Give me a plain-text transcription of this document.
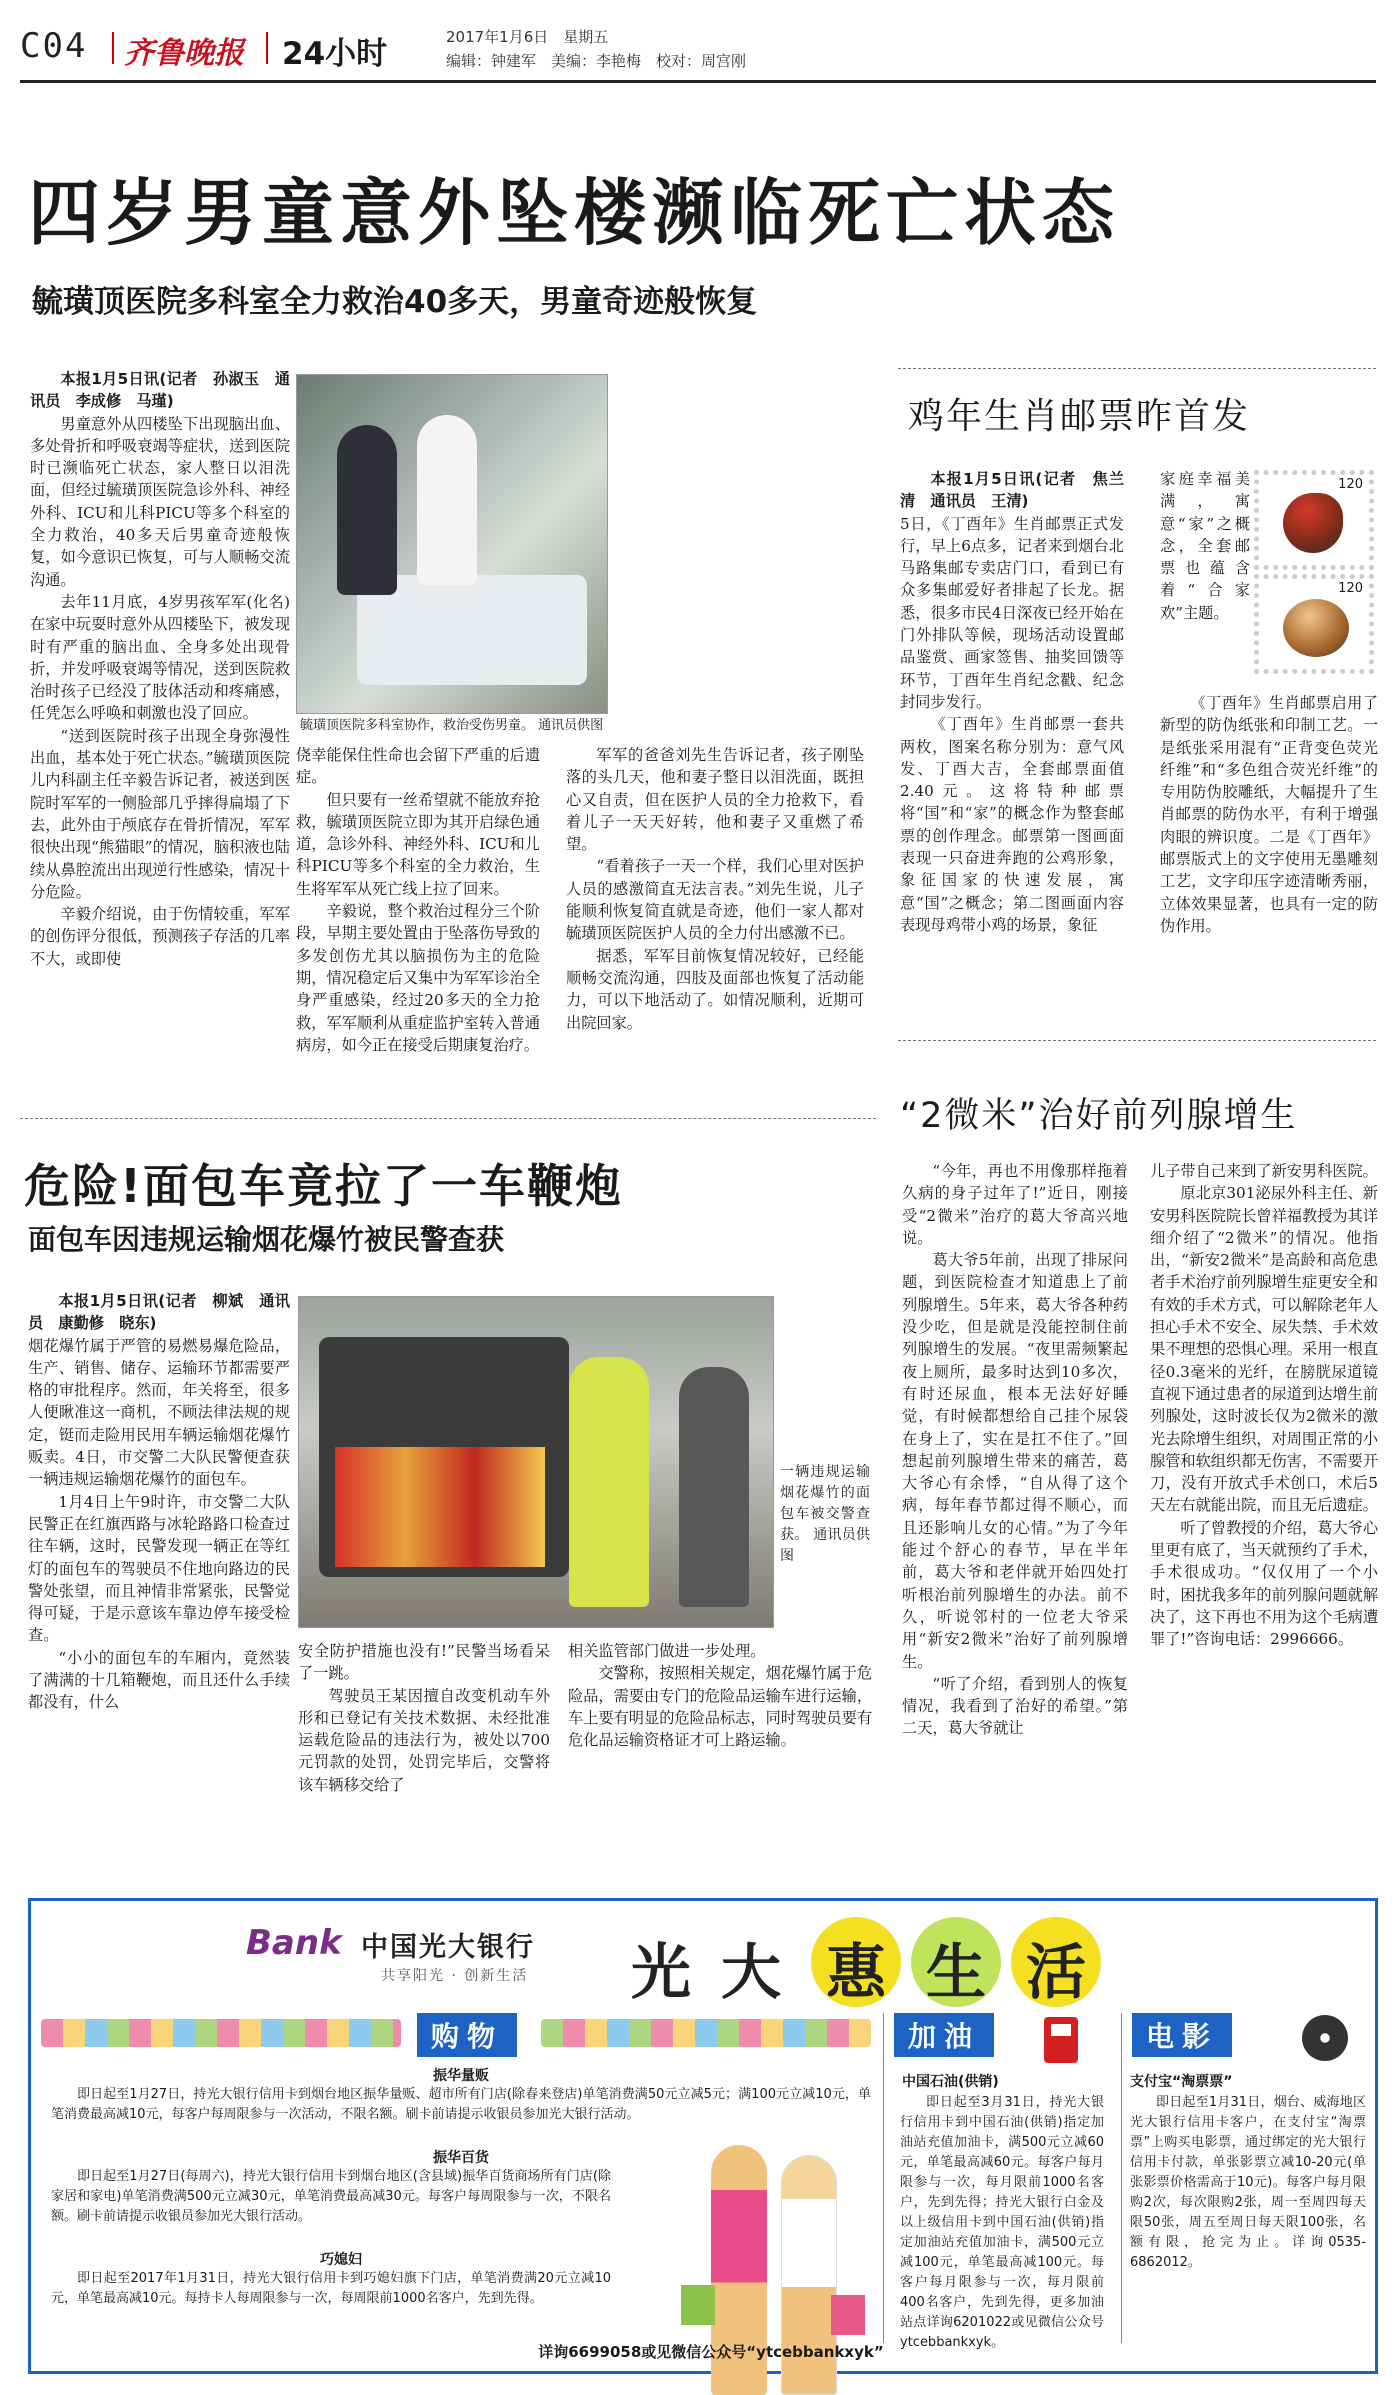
C04 齐鲁晚报 24小时	2017年1月6日　星期五
编辑：钟建军　美编：李艳梅　校对：周宫刚
四岁男童意外坠楼濒临死亡状态
毓璜顶医院多科室全力救治40多天，男童奇迹般恢复

本报1月5日讯(记者　孙淑玉　通讯员　李成修　马瑾)

男童意外从四楼坠下出现脑出血、多处骨折和呼吸衰竭等症状，送到医院时已濒临死亡状态，家人整日以泪洗面，但经过毓璜顶医院急诊外科、神经外科、ICU和儿科PICU等多个科室的全力救治，40多天后男童奇迹般恢复，如今意识已恢复，可与人顺畅交流沟通。

去年11月底，4岁男孩军军(化名)在家中玩耍时意外从四楼坠下，被发现时有严重的脑出血、全身多处出现骨折，并发呼吸衰竭等情况，送到医院救治时孩子已经没了肢体活动和疼痛感，任凭怎么呼唤和刺激也没了回应。

“送到医院时孩子出现全身弥漫性出血，基本处于死亡状态。”毓璜顶医院儿内科副主任辛毅告诉记者，被送到医院时军军的一侧脸部几乎摔得扁塌了下去，此外由于颅底存在骨折情况，军军很快出现“熊猫眼”的情况，脑积液也陆续从鼻腔流出出现逆行性感染，情况十分危险。

辛毅介绍说，由于伤情较重，军军的创伤评分很低，预测孩子存活的几率不大，或即使

毓璜顶医院多科室协作，救治受伤男童。 通讯员供图

侥幸能保住性命也会留下严重的后遗症。

但只要有一丝希望就不能放弃抢救，毓璜顶医院立即为其开启绿色通道，急诊外科、神经外科、ICU和儿科PICU等多个科室的全力救治，生生将军军从死亡线上拉了回来。

辛毅说，整个救治过程分三个阶段，早期主要处置由于坠落伤导致的多发创伤尤其以脑损伤为主的危险期，情况稳定后又集中为军军诊治全身严重感染，经过20多天的全力抢救，军军顺利从重症监护室转入普通病房，如今正在接受后期康复治疗。

军军的爸爸刘先生告诉记者，孩子刚坠落的头几天，他和妻子整日以泪洗面，既担心又自责，但在医护人员的全力抢救下，看着儿子一天天好转，他和妻子又重燃了希望。

“看着孩子一天一个样，我们心里对医护人员的感激简直无法言表。”刘先生说，儿子能顺利恢复简直就是奇迹，他们一家人都对毓璜顶医院医护人员的全力付出感激不已。

据悉，军军目前恢复情况较好，已经能顺畅交流沟通，四肢及面部也恢复了活动能力，可以下地活动了。如情况顺利，近期可出院回家。

鸡年生肖邮票昨首发

本报1月5日讯(记者　焦兰清　通讯员　王清)

5日，《丁酉年》生肖邮票正式发行，早上6点多，记者来到烟台北马路集邮专卖店门口，看到已有众多集邮爱好者排起了长龙。据悉，很多市民4日深夜已经开始在门外排队等候，现场活动设置邮品鉴赏、画家签售、抽奖回馈等环节，丁酉年生肖纪念戳、纪念封同步发行。

《丁酉年》生肖邮票一套共两枚，图案名称分别为：意气风发、丁酉大吉，全套邮票面值2.40元。这将特种邮票将“国”和“家”的概念作为整套邮票的创作理念。邮票第一图画面表现一只奋进奔跑的公鸡形象，象征国家的快速发展，寓意“国”之概念；第二图画面内容表现母鸡带小鸡的场景，象征

家庭幸福美满，寓意“家”之概念，全套邮票也蕴含着“合家欢”主题。

120
120

《丁酉年》生肖邮票启用了新型的防伪纸张和印制工艺。一是纸张采用混有“正背变色荧光纤维”和“多色组合荧光纤维”的专用防伪胶雕纸，大幅提升了生肖邮票的防伪水平，有利于增强肉眼的辨识度。二是《丁酉年》邮票版式上的文字使用无墨雕刻工艺，文字印压字迹清晰秀丽，立体效果显著，也具有一定的防伪作用。

“2微米”治好前列腺增生

“今年，再也不用像那样拖着久病的身子过年了!”近日，刚接受“2微米”治疗的葛大爷高兴地说。

葛大爷5年前，出现了排尿问题，到医院检查才知道患上了前列腺增生。5年来，葛大爷各种药没少吃，但是就是没能控制住前列腺增生的发展。“夜里需频繁起夜上厕所，最多时达到10多次，有时还尿血，根本无法好好睡觉，有时候都想给自己挂个尿袋在身上了，实在是扛不住了。”回想起前列腺增生带来的痛苦，葛大爷心有余悸，“自从得了这个病，每年春节都过得不顺心，而且还影响儿女的心情。”为了今年能过个舒心的春节，早在半年前，葛大爷和老伴就开始四处打听根治前列腺增生的办法。前不久，听说邻村的一位老大爷采用“新安2微米”治好了前列腺增生。

“听了介绍，看到别人的恢复情况，我看到了治好的希望。”第二天，葛大爷就让

儿子带自己来到了新安男科医院。

原北京301泌尿外科主任、新安男科医院院长曾祥福教授为其详细介绍了“2微米”的情况。他指出，“新安2微米”是高龄和高危患者手术治疗前列腺增生症更安全和有效的手术方式，可以解除老年人担心手术不安全、尿失禁、手术效果不理想的恐惧心理。采用一根直径0.3毫米的光纤，在膀胱尿道镜直视下通过患者的尿道到达增生前列腺处，这时波长仅为2微米的激光去除增生组织，对周围正常的小腺管和软组织都无伤害，不需要开刀，没有开放式手术创口，术后5天左右就能出院，而且无后遗症。

听了曾教授的介绍，葛大爷心里更有底了，当天就预约了手术，手术很成功。“仅仅用了一个小时，困扰我多年的前列腺问题就解决了，这下再也不用为这个毛病遭罪了!”咨询电话：2996666。

危险!面包车竟拉了一车鞭炮
面包车因违规运输烟花爆竹被民警查获

本报1月5日讯(记者　柳斌　通讯员　康勤修　晓东)

烟花爆竹属于严管的易燃易爆危险品，生产、销售、储存、运输环节都需要严格的审批程序。然而，年关将至，很多人便瞅准这一商机，不顾法律法规的规定，铤而走险用民用车辆运输烟花爆竹贩卖。4日，市交警二大队民警便查获一辆违规运输烟花爆竹的面包车。

1月4日上午9时许，市交警二大队民警正在红旗西路与冰轮路路口检查过往车辆，这时，民警发现一辆正在等红灯的面包车的驾驶员不住地向路边的民警处张望，而且神情非常紧张，民警觉得可疑，于是示意该车靠边停车接受检查。

“小小的面包车的车厢内，竟然装了满满的十几箱鞭炮，而且还什么手续都没有，什么

一辆违规运输烟花爆竹的面包车被交警查获。 通讯员供图

安全防护措施也没有!”民警当场看呆了一跳。

驾驶员王某因擅自改变机动车外形和已登记有关技术数据、未经批准运载危险品的违法行为，被处以700元罚款的处罚，处罚完毕后，交警将该车辆移交给了

相关监管部门做进一步处理。

交警称，按照相关规定，烟花爆竹属于危险品，需要由专门的危险品运输车进行运输，车上要有明显的危险品标志，同时驾驶员要有危化品运输资格证才可上路运输。

Bank 中国光大银行
共享阳光 · 创新生活 光 大 惠 生 活
购物
振华量贩

即日起至1月27日，持光大银行信用卡到烟台地区振华量贩、超市所有门店(除春来登店)单笔消费满50元立减5元；满100元立减10元，单笔消费最高减10元，每客户每周限参与一次活动，不限名额。刷卡前请提示收银员参加光大银行活动。

振华百货

即日起至1月27日(每周六)，持光大银行信用卡到烟台地区(含县域)振华百货商场所有门店(除家居和家电)单笔消费满500元立减30元，单笔消费最高减30元。每客户每周限参与一次，不限名额。刷卡前请提示收银员参加光大银行活动。

巧媳妇

即日起至2017年1月31日，持光大银行信用卡到巧媳妇旗下门店，单笔消费满20元立减10元，单笔最高减10元。每持卡人每周限参与一次，每周限前1000名客户，先到先得。

加油
中国石油(供销)

即日起至3月31日，持光大银行信用卡到中国石油(供销)指定加油站充值加油卡，满500元立减60元，单笔最高减60元。每客户每月限参与一次，每月限前1000名客户，先到先得；持光大银行白金及以上级信用卡到中国石油(供销)指定加油站充值加油卡，满500元立减100元，单笔最高减100元。每客户每月限参与一次，每月限前400名客户，先到先得，更多加油站点详询6201022或见微信公众号ytcebbankxyk。

电影
支付宝“淘票票”

即日起至1月31日，烟台、威海地区光大银行信用卡客户，在支付宝“淘票票”上购买电影票，通过绑定的光大银行信用卡付款，单张影票立减10-20元(单张影票价格需高于10元)。每客户每月限购2次，每次限购2张，周一至周四每天限50张，周五至周日每天限100张，名额有限，抢完为止。详询0535-6862012。

详询6699058或见微信公众号“ytcebbankxyk”
